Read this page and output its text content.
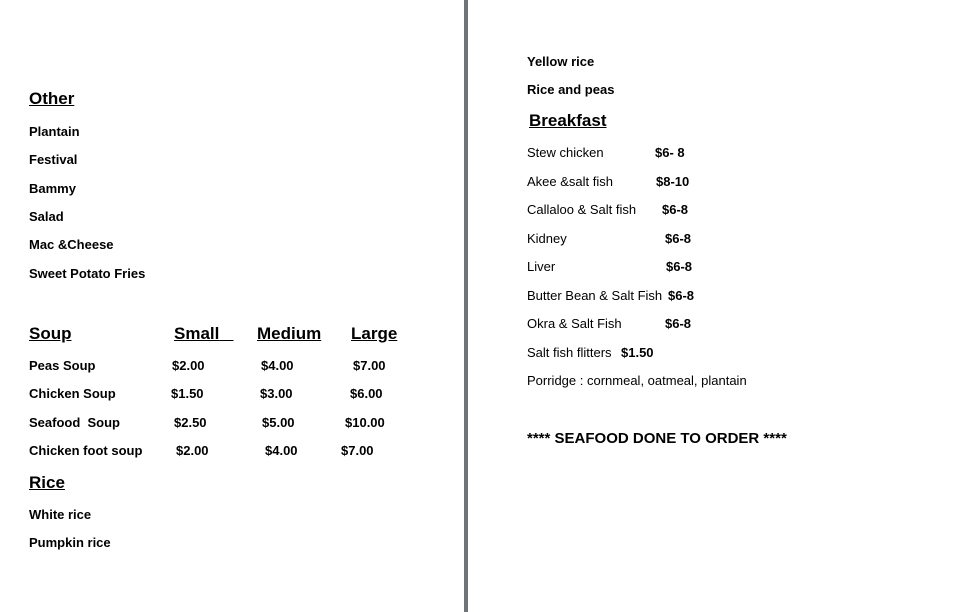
Other
Plantain
Festival
Bammy
Salad
Mac &Cheese
Sweet Potato Fries
Soup	Small	Medium Large
Peas Soup	$2.00	$4.00	$7.00
Chicken Soup	$1.50	$3.00	$6.00
Seafood  Soup	$2.50	$5.00	$10.00
Chicken foot soup	$2.00	$4.00	$7.00
Rice
White rice
Pumpkin rice
Yellow rice
Rice and peas
Breakfast
Stew chicken	$6- 8
Akee &salt fish	$8-10
Callaloo & Salt fish $6-8
Kidney	$6-8
Liver	$6-8
Butter Bean & Salt Fish $6-8
Okra & Salt Fish	$6-8
Salt fish flitters $1.50
Porridge : cornmeal, oatmeal, plantain
**** SEAFOOD DONE TO ORDER ****
